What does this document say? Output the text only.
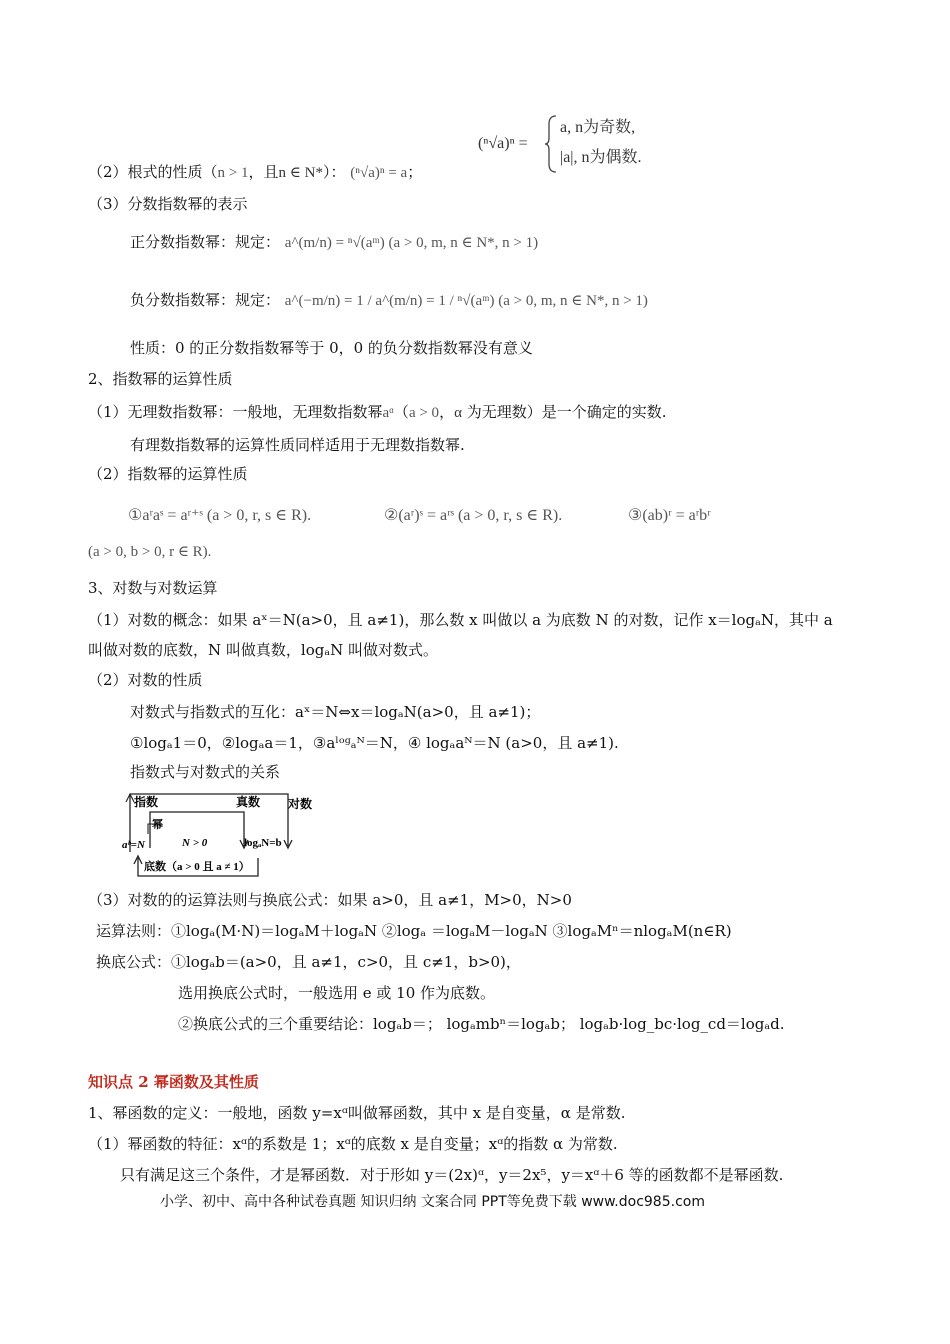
(ⁿ√a)ⁿ =
a, n为奇数,
|a|, n为偶数.
（2）根式的性质（n > 1，且n ∈ N*）： (ⁿ√a)ⁿ = a；
（3）分数指数幂的表示
正分数指数幂：规定： a^(m/n) = ⁿ√(aᵐ) (a > 0, m, n ∈ N*, n > 1)
负分数指数幂：规定： a^(−m/n) = 1 / a^(m/n) = 1 / ⁿ√(aᵐ) (a > 0, m, n ∈ N*, n > 1)
性质：0 的正分数指数幂等于 0，0 的负分数指数幂没有意义
2、指数幂的运算性质
（1）无理数指数幂：一般地，无理数指数幂aᵅ（a > 0，α 为无理数）是一个确定的实数.
有理数指数幂的运算性质同样适用于无理数指数幂.
（2）指数幂的运算性质
①aʳaˢ = aʳ⁺ˢ (a > 0, r, s ∈ R).	②(aʳ)ˢ = aʳˢ (a > 0, r, s ∈ R).	③(ab)ʳ = aʳbʳ
(a > 0, b > 0, r ∈ R).
3、对数与对数运算
（1）对数的概念：如果 aˣ＝N(a>0，且 a≠1)，那么数 x 叫做以 a 为底数 N 的对数，记作 x＝logₐN，其中 a
叫做对数的底数，N 叫做真数，logₐN 叫做对数式。
（2）对数的性质
对数式与指数式的互化：aˣ＝N⇔x＝logₐN(a>0，且 a≠1)；
①logₐ1＝0，②logₐa＝1，③aˡᵒᵍₐᴺ＝N，④ logₐaᴺ＝N (a>0，且 a≠1).
指数式与对数式的关系
指数	真数 对数
幂
aᵇ=N	N > 0	logₐN=b
底数（a > 0 且 a ≠ 1）
（3）对数的的运算法则与换底公式：如果 a>0，且 a≠1，M>0，N>0
运算法则：①logₐ(M·N)＝logₐM＋logₐN ②logₐ ＝logₐM－logₐN ③logₐMⁿ＝nlogₐM(n∈R)
换底公式：①logₐb＝(a>0，且 a≠1，c>0，且 c≠1，b>0)，
选用换底公式时，一般选用 e 或 10 作为底数。
②换底公式的三个重要结论：logₐb＝； logₐmbⁿ＝logₐb； logₐb·log_bc·log_cd＝logₐd.
知识点 2 幂函数及其性质
1、幂函数的定义：一般地，函数 y=xᵅ叫做幂函数，其中 x 是自变量，α 是常数.
（1）幂函数的特征：xᵅ的系数是 1；xᵅ的底数 x 是自变量；xᵅ的指数 α 为常数.
只有满足这三个条件，才是幂函数．对于形如 y＝(2x)ᵅ，y＝2x⁵，y＝xᵅ＋6 等的函数都不是幂函数.
小学、初中、高中各种试卷真题 知识归纳 文案合同 PPT等免费下载 www.doc985.com
